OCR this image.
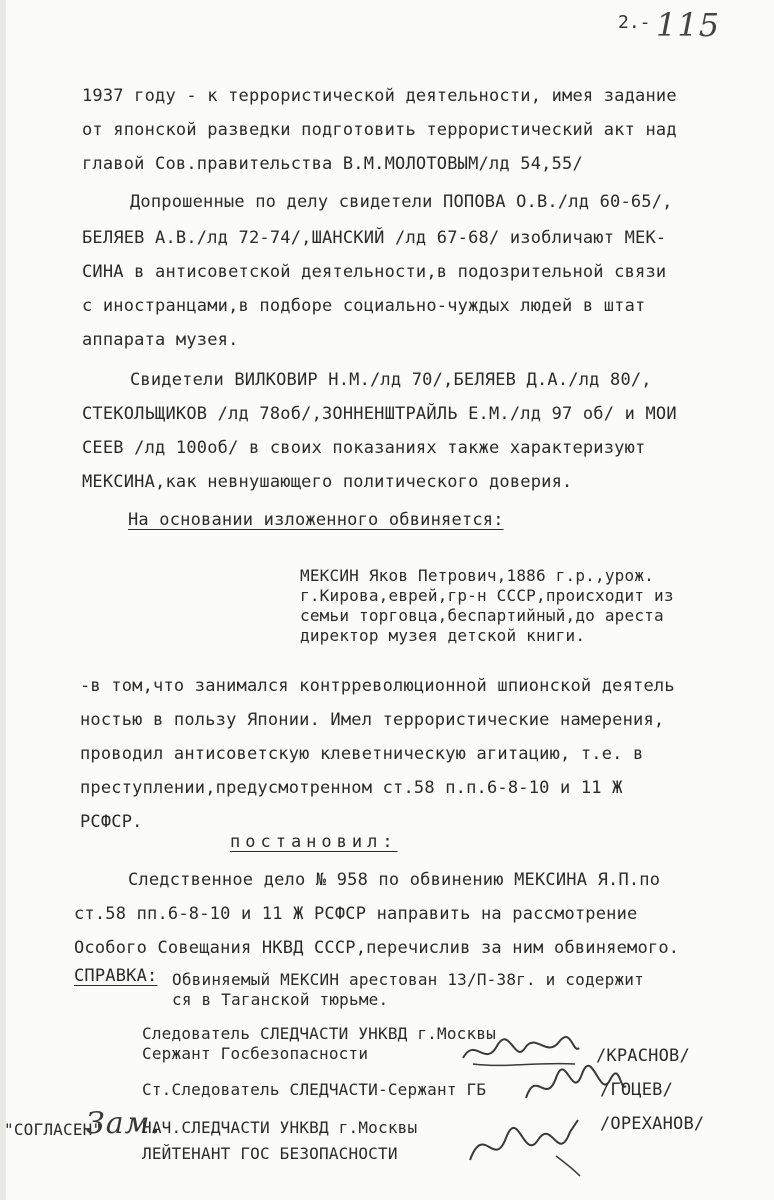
2.- 115
1937 году - к террористической деятельности, имея задание
от японской разведки подготовить террористический акт над
главой Сов.правительства В.М.МОЛОТОВЫМ/лд 54,55/
Допрошенные по делу свидетели ПОПОВА О.В./лд 60-65/,
БЕЛЯЕВ А.В./лд 72-74/,ШАНСКИЙ /лд 67-68/ изобличают МЕК-
СИНА в антисоветской деятельности,в подозрительной связи
с иностранцами,в подборе социально-чуждых людей в штат
аппарата музея.
Свидетели ВИЛКОВИР Н.М./лд 70/,БЕЛЯЕВ Д.А./лд 80/,
СТЕКОЛЬЩИКОВ /лд 78об/,ЗОННЕНШТРАЙЛЬ Е.М./лд 97 об/ и МОИ
СЕЕВ /лд 100об/ в своих показаниях также характеризуют
МЕКСИНА,как невнушающего политического доверия.
На основании изложенного обвиняется:
МЕКСИН Яков Петрович,1886 г.р.,урож.
г.Кирова,еврей,гр-н СССР,происходит из
семьи торговца,беспартийный,до ареста
директор музея детской книги.
-в том,что занимался контрреволюционной шпионской деятель
ностью в пользу Японии. Имел террористические намерения,
проводил антисоветскую клеветническую агитацию, т.е. в
преступлении,предусмотренном ст.58 п.п.6-8-10 и 11 Ж
РСФСР.
постановил:
Следственное дело № 958 по обвинению МЕКСИНА Я.П.по
ст.58 пп.6-8-10 и 11 Ж РСФСР направить на рассмотрение
Особого Совещания НКВД СССР,перечислив за ним обвиняемого.
СПРАВКА: Обвиняемый МЕКСИН арестован 13/П-38г. и содержит
ся в Таганской тюрьме.
Следователь СЛЕДЧАСТИ УНКВД г.Москвы
Сержант Госбезопасности	/КРАСНОВ/
Ст.Следователь СЛЕДЧАСТИ-Сержант ГБ	/ГОЦЕВ/
"СОГЛАСЕН"
Зам.
НАЧ.СЛЕДЧАСТИ УНКВД г.Москвы
ЛЕЙТЕНАНТ ГОС БЕЗОПАСНОСТИ
/ОРЕХАНОВ/
